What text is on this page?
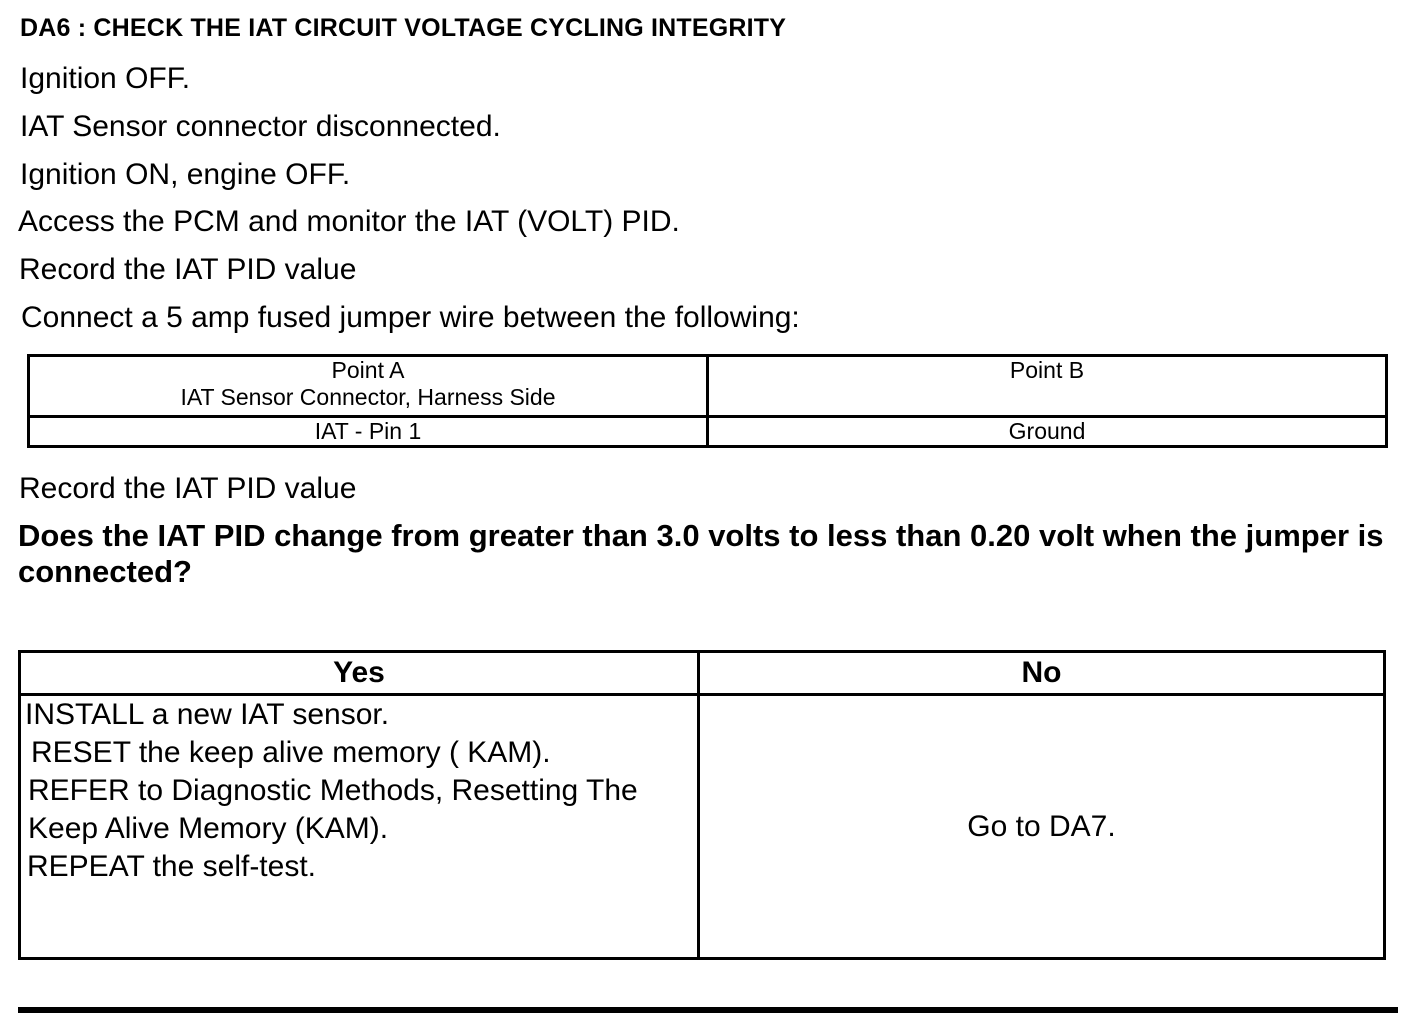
DA6 : CHECK THE IAT CIRCUIT VOLTAGE CYCLING INTEGRITY
Ignition OFF.
IAT Sensor connector disconnected.
Ignition ON, engine OFF.
Access the PCM and monitor the IAT (VOLT) PID.
Record the IAT PID value
Connect a 5 amp fused jumper wire between the following:
Point A
IAT Sensor Connector, Harness Side	Point B

IAT - Pin 1	Ground
Record the IAT PID value
Does the IAT PID change from greater than 3.0 volts to less than 0.20 volt when the jumper is connected?
Yes	No

INSTALL a new IAT sensor.
RESET the keep alive memory ( KAM).
REFER to Diagnostic Methods, Resetting The
Keep Alive Memory (KAM).
REPEAT the self-test.	Go to DA7.
